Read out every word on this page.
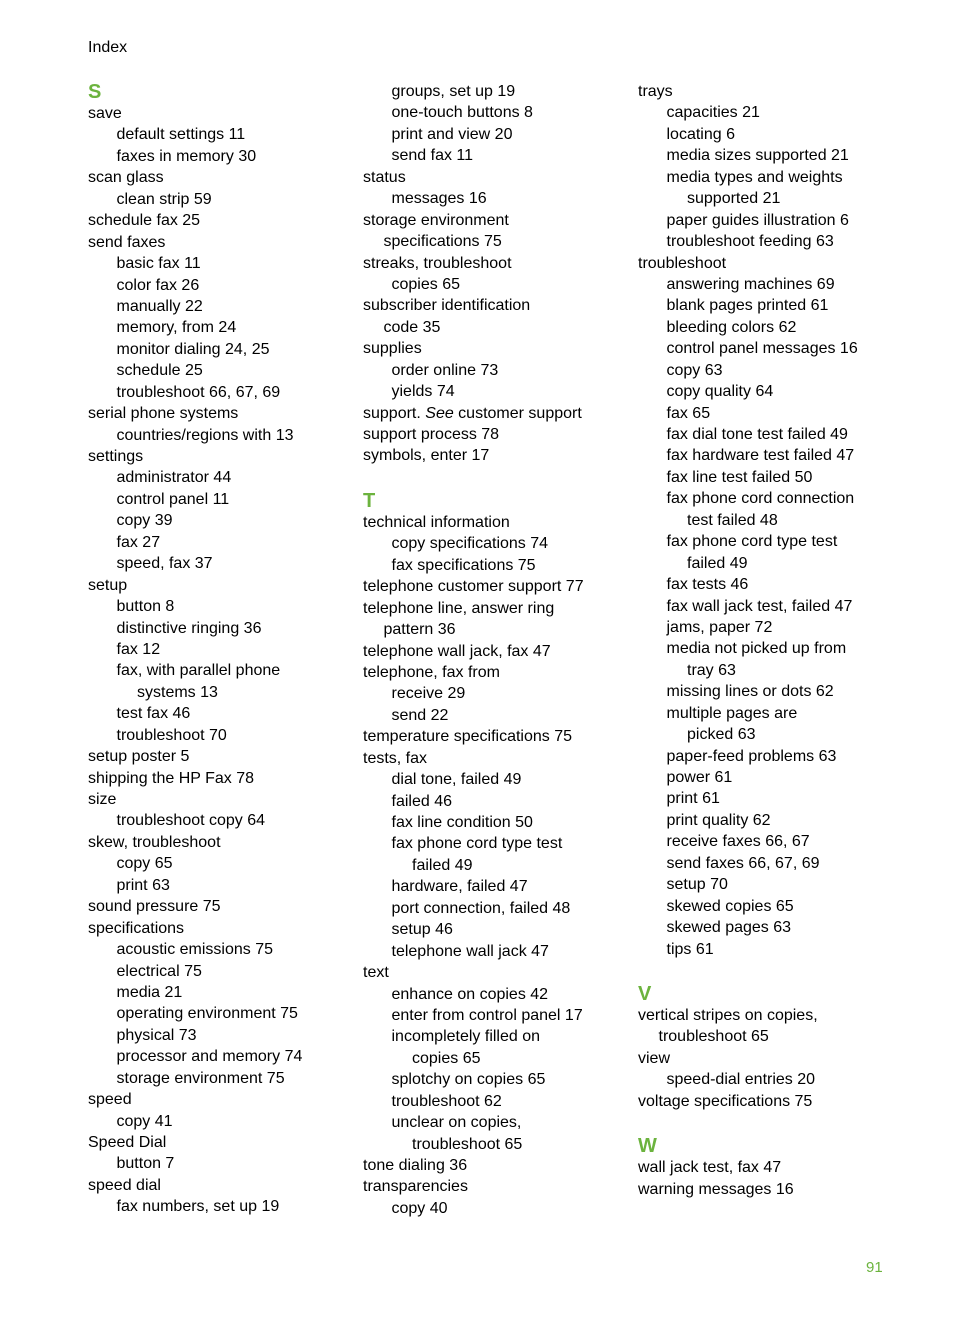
Index
S
save
default settings 11
faxes in memory 30
scan glass
clean strip 59
schedule fax 25
send faxes
basic fax 11
color fax 26
manually 22
memory, from 24
monitor dialing 24, 25
schedule 25
troubleshoot 66, 67, 69
serial phone systems
countries/regions with 13
settings
administrator 44
control panel 11
copy 39
fax 27
speed, fax 37
setup
button 8
distinctive ringing 36
fax 12
fax, with parallel phone
systems 13
test fax 46
troubleshoot 70
setup poster 5
shipping the HP Fax 78
size
troubleshoot copy 64
skew, troubleshoot
copy 65
print 63
sound pressure 75
specifications
acoustic emissions 75
electrical 75
media 21
operating environment 75
physical 73
processor and memory 74
storage environment 75
speed
copy 41
Speed Dial
button 7
speed dial
fax numbers, set up 19
groups, set up 19
one-touch buttons 8
print and view 20
send fax 11
status
messages 16
storage environment
specifications 75
streaks, troubleshoot
copies 65
subscriber identification
code 35
supplies
order online 73
yields 74
support. See customer support
support process 78
symbols, enter 17
T
technical information
copy specifications 74
fax specifications 75
telephone customer support 77
telephone line, answer ring
pattern 36
telephone wall jack, fax 47
telephone, fax from
receive 29
send 22
temperature specifications 75
tests, fax
dial tone, failed 49
failed 46
fax line condition 50
fax phone cord type test
failed 49
hardware, failed 47
port connection, failed 48
setup 46
telephone wall jack 47
text
enhance on copies 42
enter from control panel 17
incompletely filled on
copies 65
splotchy on copies 65
troubleshoot 62
unclear on copies,
troubleshoot 65
tone dialing 36
transparencies
copy 40
trays
capacities 21
locating 6
media sizes supported 21
media types and weights
supported 21
paper guides illustration 6
troubleshoot feeding 63
troubleshoot
answering machines 69
blank pages printed 61
bleeding colors 62
control panel messages 16
copy 63
copy quality 64
fax 65
fax dial tone test failed 49
fax hardware test failed 47
fax line test failed 50
fax phone cord connection
test failed 48
fax phone cord type test
failed 49
fax tests 46
fax wall jack test, failed 47
jams, paper 72
media not picked up from
tray 63
missing lines or dots 62
multiple pages are
picked 63
paper-feed problems 63
power 61
print 61
print quality 62
receive faxes 66, 67
send faxes 66, 67, 69
setup 70
skewed copies 65
skewed pages 63
tips 61
V
vertical stripes on copies,
troubleshoot 65
view
speed-dial entries 20
voltage specifications 75
W
wall jack test, fax 47
warning messages 16
91
